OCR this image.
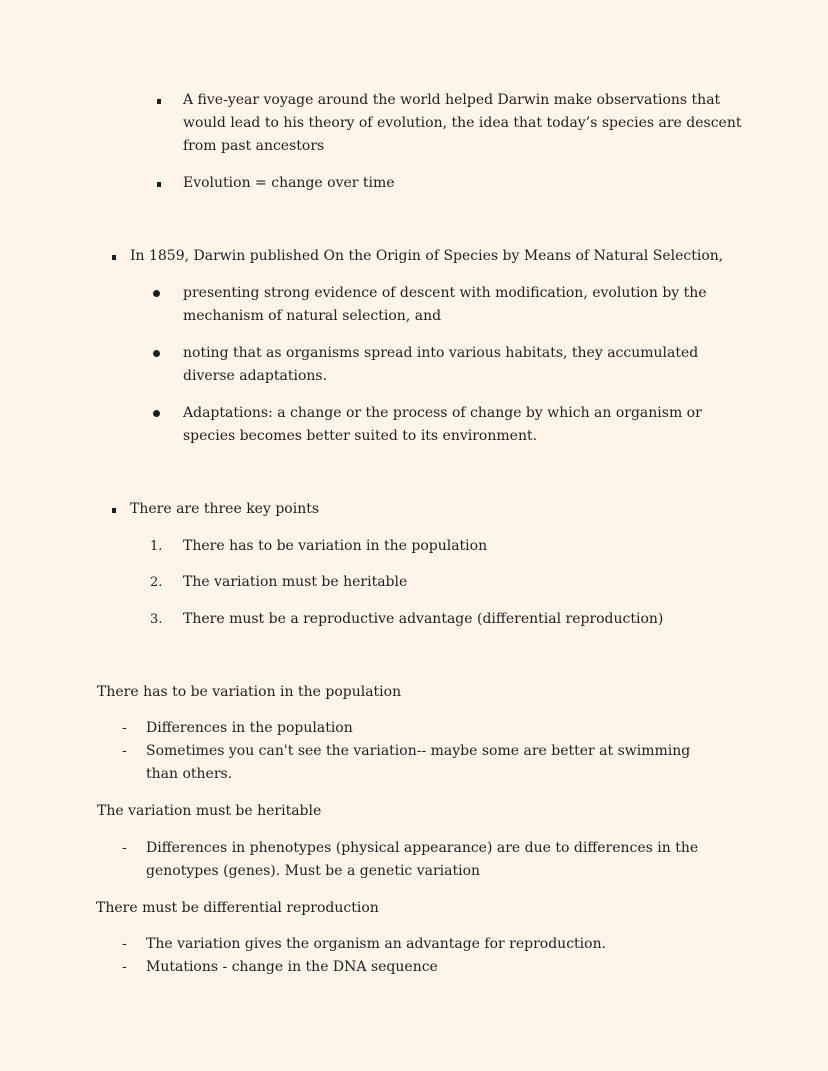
A five-year voyage around the world helped Darwin make observations that would lead to his theory of evolution, the idea that today’s species are descent from past ancestors
Evolution = change over time
In 1859, Darwin published On the Origin of Species by Means of Natural Selection,
presenting strong evidence of descent with modification, evolution by the mechanism of natural selection, and
noting that as organisms spread into various habitats, they accumulated diverse adaptations.
Adaptations: a change or the process of change by which an organism or species becomes better suited to its environment.
There are three key points
1. There has to be variation in the population
2. The variation must be heritable
3. There must be a reproductive advantage (differential reproduction)
There has to be variation in the population
- Differences in the population
- Sometimes you can't see the variation-- maybe some are better at swimming than others.
The variation must be heritable
- Differences in phenotypes (physical appearance) are due to differences in the genotypes (genes). Must be a genetic variation
There must be differential reproduction
- The variation gives the organism an advantage for reproduction.
- Mutations - change in the DNA sequence
